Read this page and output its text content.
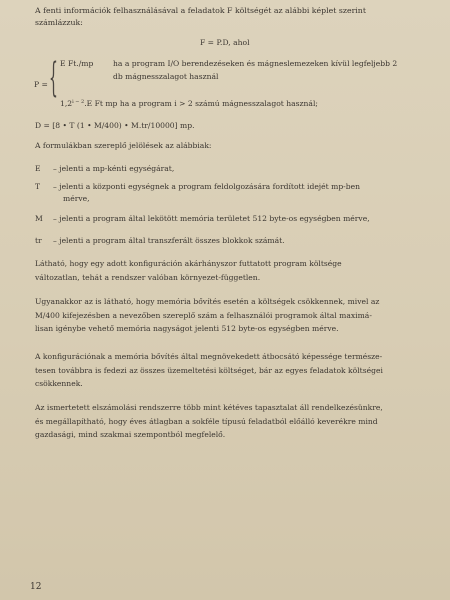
A fenti információk felhasználásával a feladatok F költségét az alábbi képlet szerint
számlázzuk:
F = P.D, ahol
P = { E Ft./mp	ha a program I/O berendezéseken és mágneslemezeken kívül legfeljebb 2
db mágnesszalagot használ
$1,2^{i - 2}.E$ Ft mp ha a program i > 2 számú mágnesszalagot használ;
D = [8 • T (1 • M/400) • M.tr/10000] mp.
A formulákban szereplő jelölések az alábbiak:
E – jelenti a mp-kénti egységárat,
T – jelenti a központi egységnek a program feldolgozására fordított idejét mp-ben
mérve,
M – jelenti a program által lekötött memória területet 512 byte-os egységben mérve,
tr – jelenti a program által transzferált összes blokkok számát.
Látható, hogy egy adott konfiguráción akárhányszor futtatott program költsége
változatlan, tehát a rendszer valóban környezet-független.
Ugyanakkor az is látható, hogy memória bővítés esetén a költségek csökkennek, mivel az
M/400 kifejezésben a nevezőben szereplő szám a felhasználói programok által maximá-
lisan igénybe vehető memória nagyságot jelenti 512 byte-os egységben mérve.
A konfigurációnak a memória bővítés által megnövekedett átbocsátó képessége természe-
tesen továbbra is fedezi az összes üzemeltetési költséget, bár az egyes feladatok költségei
csökkennek.
Az ismertetett elszámolási rendszerre több mint kétéves tapasztalat áll rendelkezésünkre,
és megállapítható, hogy éves átlagban a sokféle típusú feladatból előálló keverékre mind
gazdasági, mind szakmai szempontból megfelelő.
12
